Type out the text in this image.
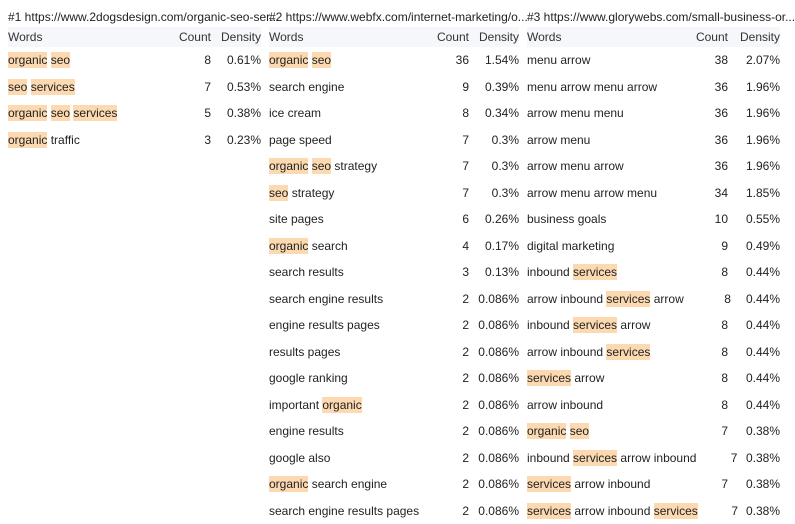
#1 https://www.2dogsdesign.com/organic-seo-ser...
Words	Count Density
organic seo	8	0.61%
seo services	7	0.53%
organic seo services	5	0.38%
organic traffic	3	0.23%
#2 https://www.webfx.com/internet-marketing/o...
Words	Count Density
organic seo	36	1.54%
search engine	9	0.39%
ice cream	8	0.34%
page speed	7	0.3%
organic seo strategy	7	0.3%
seo strategy	7	0.3%
site pages	6	0.26%
organic search	4	0.17%
search results	3	0.13%
search engine results	2 0.086%
engine results pages	2 0.086%
results pages	2 0.086%
google ranking	2 0.086%
important organic	2 0.086%
engine results	2 0.086%
google also	2 0.086%
organic search engine	2 0.086%
search engine results pages	2 0.086%
#3 https://www.glorywebs.com/small-business-or...
Words	Count Density
menu arrow	38	2.07%
menu arrow menu arrow	36	1.96%
arrow menu menu	36	1.96%
arrow menu	36	1.96%
arrow menu arrow	36	1.96%
arrow menu arrow menu	34	1.85%
business goals	10	0.55%
digital marketing	9	0.49%
inbound services	8	0.44%
arrow inbound services arrow	8	0.44%
inbound services arrow	8	0.44%
arrow inbound services	8	0.44%
services arrow	8	0.44%
arrow inbound	8	0.44%
organic seo	7	0.38%
inbound services arrow inbound	7 0.38%
services arrow inbound	7	0.38%
services arrow inbound services	7 0.38%
